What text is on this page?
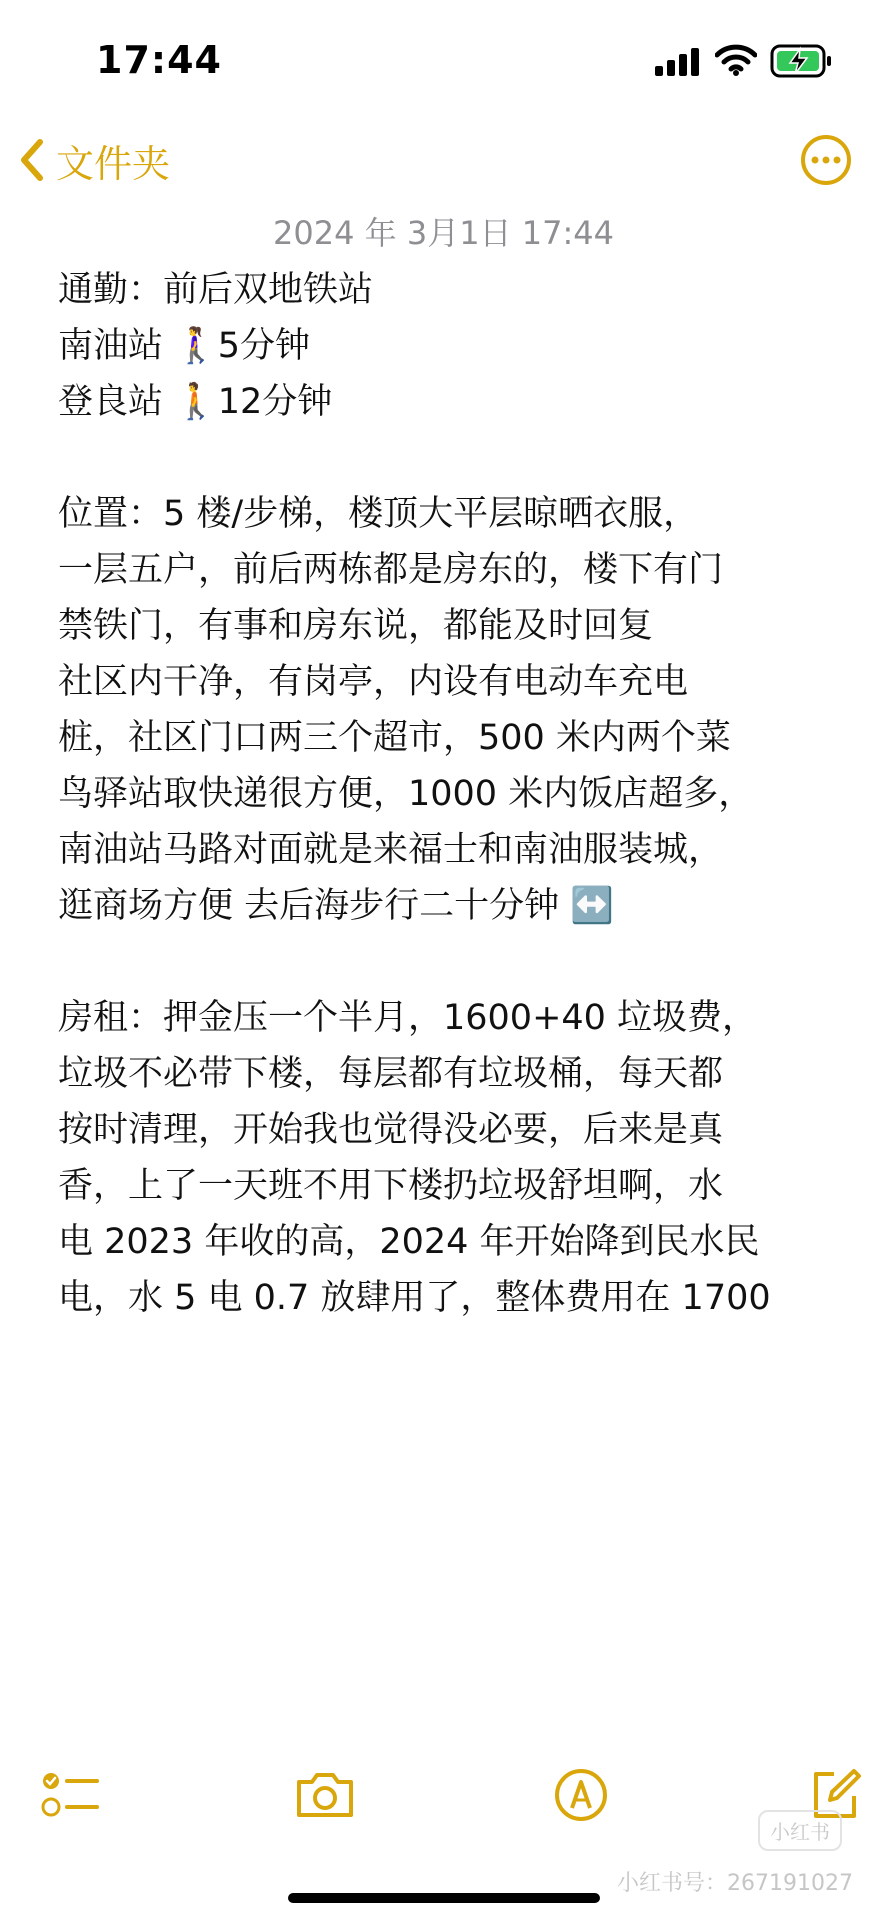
17:44
文件夹
2024 年 3月1日 17:44
通勤：前后双地铁站
南油站 🚶‍♀️5分钟
登良站 🚶12分钟
位置：5 楼/步梯，楼顶大平层晾晒衣服，
一层五户，前后两栋都是房东的，楼下有门
禁铁门，有事和房东说，都能及时回复
社区内干净，有岗亭，内设有电动车充电
桩，社区门口两三个超市，500 米内两个菜
鸟驿站取快递很方便，1000 米内饭店超多，
南油站马路对面就是来福士和南油服装城，
逛商场方便 去后海步行二十分钟 ↔️
房租：押金压一个半月，1600+40 垃圾费，
垃圾不必带下楼，每层都有垃圾桶，每天都
按时清理，开始我也觉得没必要，后来是真
香，上了一天班不用下楼扔垃圾舒坦啊，水
电 2023 年收的高，2024 年开始降到民水民
电，水 5 电 0.7 放肆用了，整体费用在 1700
小红书
小红书号：267191027
